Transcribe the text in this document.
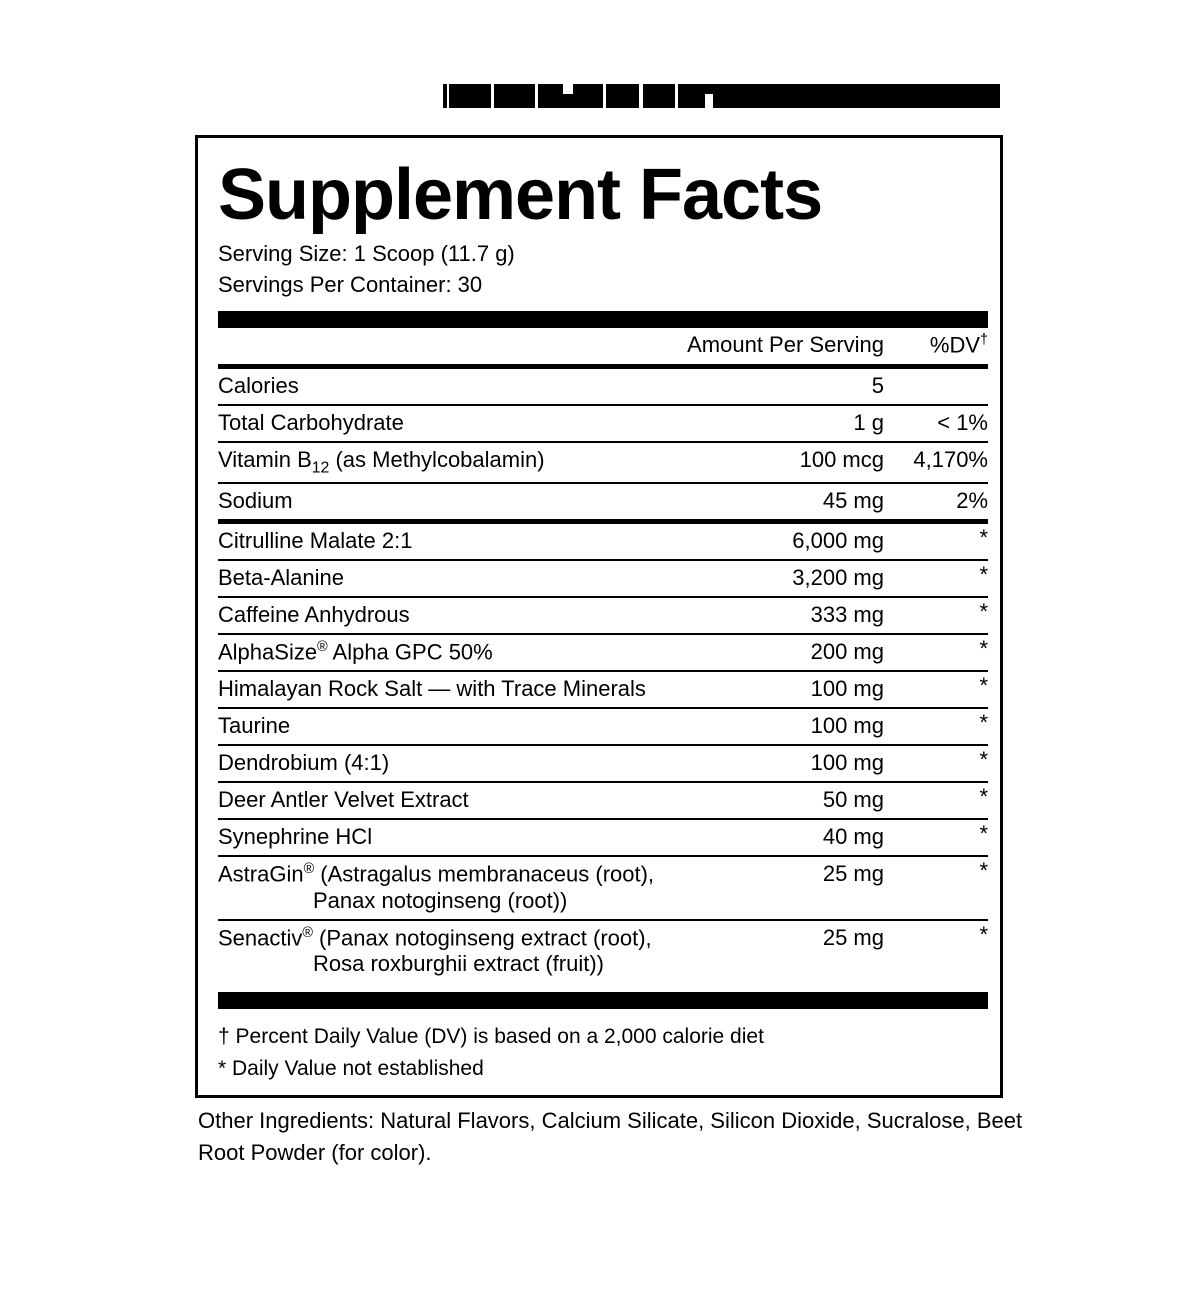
Supplement Facts
Serving Size: 1 Scoop (11.7 g)
Servings Per Container: 30
	Amount Per Serving	%DV†
Calories	5	
Total Carbohydrate	1 g	< 1%
Vitamin $B_{12}$ (as Methylcobalamin)	100 mcg	4,170%
Sodium	45 mg	2%
Citrulline Malate 2:1	6,000 mg	*
Beta-Alanine	3,200 mg	*
Caffeine Anhydrous	333 mg	*
AlphaSize® Alpha GPC 50%	200 mg	*
Himalayan Rock Salt — with Trace Minerals	100 mg	*
Taurine	100 mg	*
Dendrobium (4:1)	100 mg	*
Deer Antler Velvet Extract	50 mg	*
Synephrine HCl	40 mg	*
AstraGin® (Astragalus membranaceus (root),
Panax notoginseng (root))	25 mg	*
Senactiv® (Panax notoginseng extract (root),
Rosa roxburghii extract (fruit))	25 mg	*
† Percent Daily Value (DV) is based on a 2,000 calorie diet
* Daily Value not established
Other Ingredients: Natural Flavors, Calcium Silicate, Silicon Dioxide, Sucralose, Beet Root Powder (for color).
